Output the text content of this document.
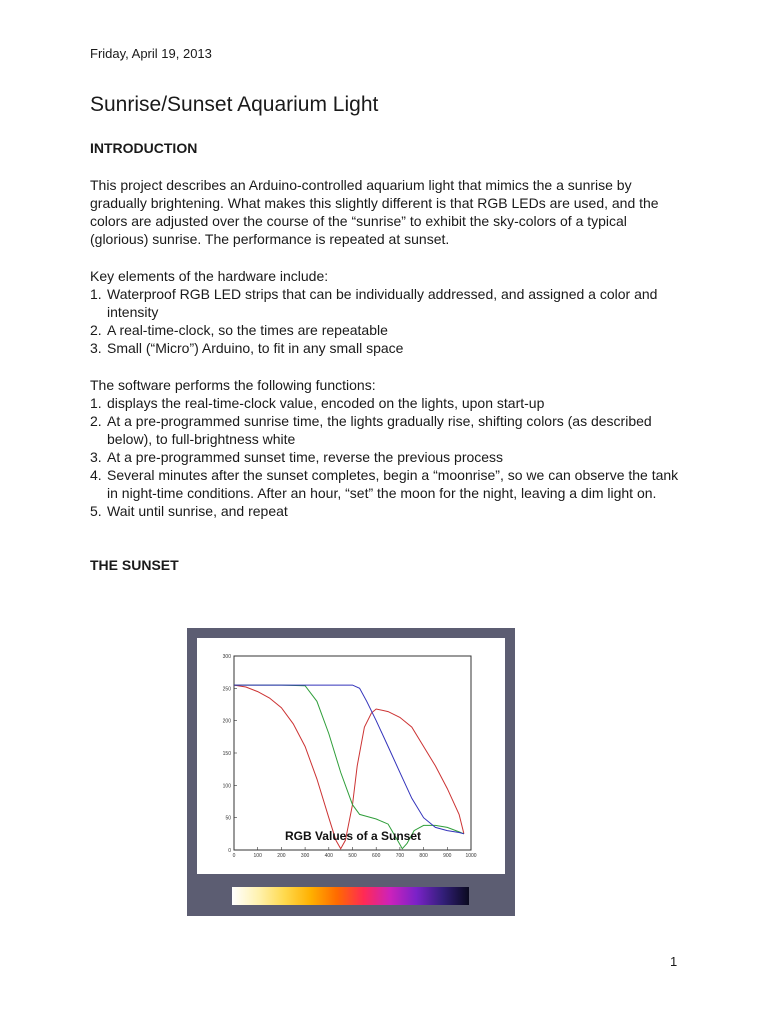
Friday, April 19, 2013
Sunrise/Sunset Aquarium Light
INTRODUCTION

This project describes an Arduino-controlled aquarium light that mimics the a sunrise by gradually brightening. What makes this slightly different is that RGB LEDs are used, and the colors are adjusted over the course of the “sunrise” to exhibit the sky-colors of a typical (glorious) sunrise. The performance is repeated at sunset.

Key elements of the hardware include:

1. Waterproof RGB LED strips that can be individually addressed, and assigned a color and intensity
2. A real-time-clock, so the times are repeatable
3. Small (“Micro”) Arduino, to fit in any small space

The software performs the following functions:

1. displays the real-time-clock value, encoded on the lights, upon start-up
2. At a pre-programmed sunrise time, the lights gradually rise, shifting colors (as described below), to full-brightness white
3. At a pre-programmed sunset time, reverse the previous process
4. Several minutes after the sunset completes, begin a “moonrise”, so we can observe the tank in night-time conditions. After an hour, “set” the moon for the night, leaving a dim light on.
5. Wait until sunrise, and repeat
THE SUNSET
0
50
100
150
200
250
300
0	100	200	300	400	500	600	700	800	900	1000
RGB Values of a Sunset
1
